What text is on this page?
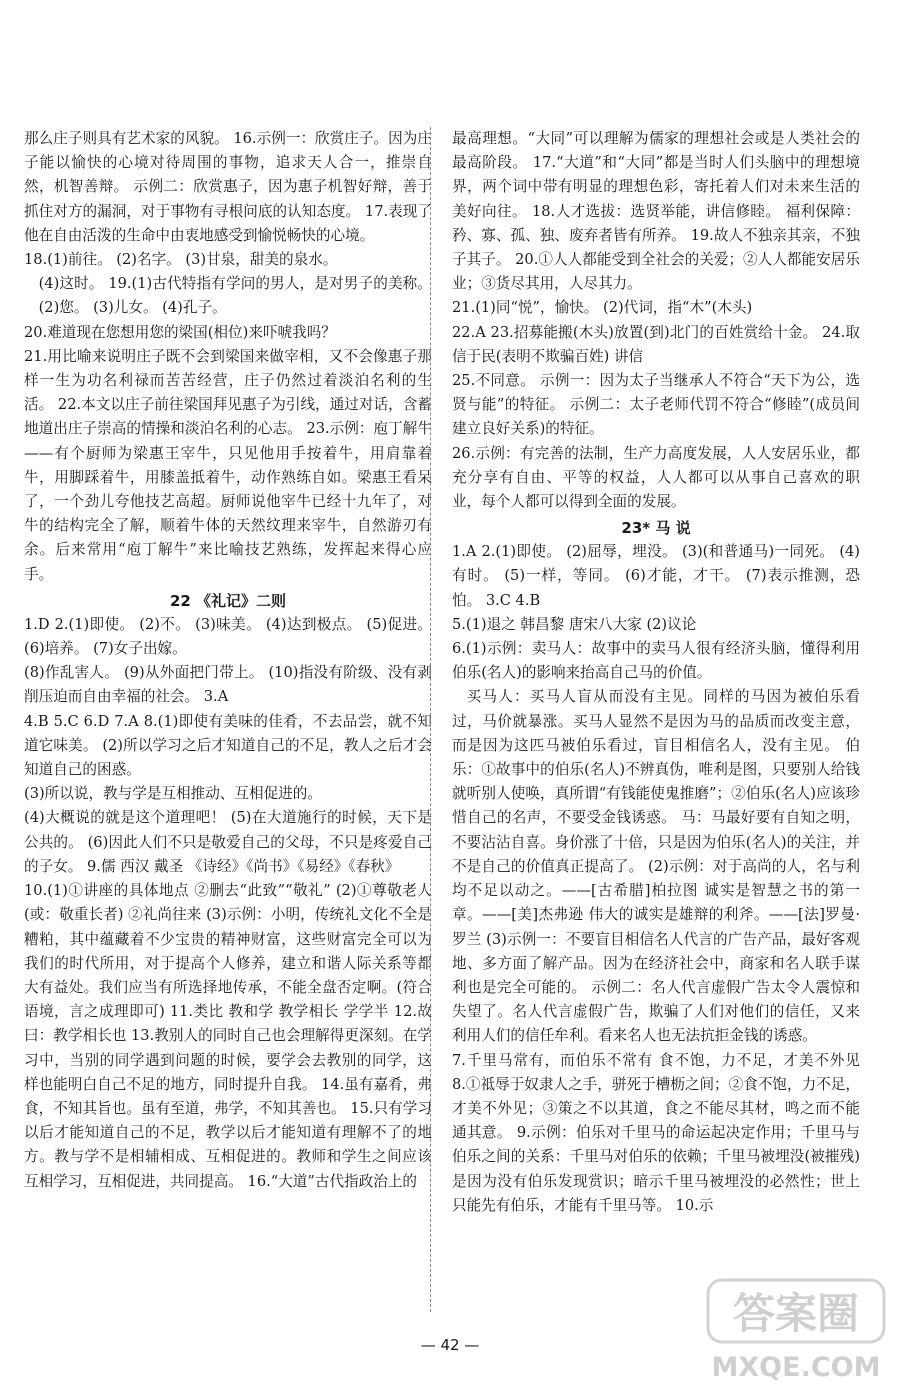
那么庄子则具有艺术家的风貌。 16.示例一：欣赏庄子。因为庄子能以愉快的心境对待周围的事物，追求天人合一，推崇自然，机智善辩。 示例二：欣赏惠子，因为惠子机智好辩，善于抓住对方的漏洞，对于事物有寻根问底的认知态度。 17.表现了他在自由活泼的生命中由衷地感受到愉悦畅快的心境。

18.(1)前往。 (2)名字。 (3)甘泉，甜美的泉水。

(4)这时。 19.(1)古代特指有学问的男人，是对男子的美称。 (2)您。 (3)儿女。 (4)孔子。

20.难道现在您想用您的梁国(相位)来吓唬我吗？

21.用比喻来说明庄子既不会到梁国来做宰相，又不会像惠子那样一生为功名利禄而苦苦经营，庄子仍然过着淡泊名利的生活。 22.本文以庄子前往梁国拜见惠子为引线，通过对话，含蓄地道出庄子崇高的情操和淡泊名利的心志。 23.示例：庖丁解牛——有个厨师为梁惠王宰牛，只见他用手按着牛，用肩靠着牛，用脚踩着牛，用膝盖抵着牛，动作熟练自如。梁惠王看呆了，一个劲儿夸他技艺高超。厨师说他宰牛已经十九年了，对牛的结构完全了解，顺着牛体的天然纹理来宰牛，自然游刃有余。后来常用“庖丁解牛”来比喻技艺熟练，发挥起来得心应手。

22 《礼记》二则

1.D 2.(1)即使。 (2)不。 (3)味美。 (4)达到极点。 (5)促进。 (6)培养。 (7)女子出嫁。

(8)作乱害人。 (9)从外面把门带上。 (10)指没有阶级、没有剥削压迫而自由幸福的社会。 3.A

4.B 5.C 6.D 7.A 8.(1)即使有美味的佳肴，不去品尝，就不知道它味美。 (2)所以学习之后才知道自己的不足，教人之后才会知道自己的困惑。

(3)所以说，教与学是互相推动、互相促进的。

(4)大概说的就是这个道理吧！ (5)在大道施行的时候，天下是公共的。 (6)因此人们不只是敬爱自己的父母，不只是疼爱自己的子女。 9.儒 西汉 戴圣 《诗经》《尚书》《易经》《春秋》

10.(1)①讲座的具体地点 ②删去“此致”“敬礼” (2)①尊敬老人(或：敬重长者) ②礼尚往来 (3)示例：小明，传统礼文化不全是糟粕，其中蕴藏着不少宝贵的精神财富，这些财富完全可以为我们的时代所用，对于提高个人修养，建立和谐人际关系等都大有益处。我们应当有所选择地传承，不能全盘否定啊。(符合语境，言之成理即可) 11.类比 教和学 教学相长 学学半 12.故曰：教学相长也 13.教别人的同时自己也会理解得更深刻。在学习中，当别的同学遇到问题的时候，要学会去教别的同学，这样也能明白自己不足的地方，同时提升自我。 14.虽有嘉肴，弗食，不知其旨也。虽有至道，弗学，不知其善也。 15.只有学习以后才能知道自己的不足，教学以后才能知道有理解不了的地方。教与学不是相辅相成、互相促进的。教师和学生之间应该互相学习，互相促进，共同提高。 16.“大道”古代指政治上的

最高理想。“大同”可以理解为儒家的理想社会或是人类社会的最高阶段。 17.“大道”和“大同”都是当时人们头脑中的理想境界，两个词中带有明显的理想色彩，寄托着人们对未来生活的美好向往。 18.人才选拔：选贤举能，讲信修睦。 福利保障：矜、寡、孤、独、废弃者皆有所养。 19.故人不独亲其亲，不独子其子。 20.①人人都能受到全社会的关爱；②人人都能安居乐业；③货尽其用，人尽其力。

21.(1)同“悦”，愉快。 (2)代词，指“木”(木头)

22.A 23.招募能搬(木头)放置(到)北门的百姓赏给十金。 24.取信于民(表明不欺骗百姓) 讲信

25.不同意。 示例一：因为太子当继承人不符合“天下为公，选贤与能”的特征。 示例二：太子老师代罚不符合“修睦”(成员间建立良好关系)的特征。

26.示例：有完善的法制，生产力高度发展，人人安居乐业，都充分享有自由、平等的权益，人人都可以从事自己喜欢的职业，每个人都可以得到全面的发展。

23* 马 说

1.A 2.(1)即使。 (2)屈辱，埋没。 (3)(和普通马)一同死。 (4)有时。 (5)一样，等同。 (6)才能，才干。 (7)表示推测，恐怕。 3.C 4.B

5.(1)退之 韩昌黎 唐宋八大家 (2)议论

6.(1)示例：卖马人：故事中的卖马人很有经济头脑，懂得利用伯乐(名人)的影响来抬高自己马的价值。

买马人：买马人盲从而没有主见。同样的马因为被伯乐看过，马价就暴涨。买马人显然不是因为马的品质而改变主意，而是因为这匹马被伯乐看过，盲目相信名人，没有主见。 伯乐：①故事中的伯乐(名人)不辨真伪，唯利是图，只要别人给钱就听别人使唤，真所谓“有钱能使鬼推磨”；②伯乐(名人)应该珍惜自己的名声，不要受金钱诱惑。 马：马最好要有自知之明，不要沾沾自喜。身价涨了十倍，只是因为伯乐(名人)的关注，并不是自己的价值真正提高了。 (2)示例：对于高尚的人，名与利均不足以动之。——[古希腊]柏拉图 诚实是智慧之书的第一章。——[美]杰弗逊 伟大的诚实是雄辩的利斧。——[法]罗曼·罗兰 (3)示例一：不要盲目相信名人代言的广告产品，最好客观地、多方面了解产品。因为在经济社会中，商家和名人联手谋利也是完全可能的。 示例二：名人代言虚假广告太令人震惊和失望了。名人代言虚假广告，欺骗了人们对他们的信任，又来利用人们的信任牟利。看来名人也无法抗拒金钱的诱惑。

7.千里马常有，而伯乐不常有 食不饱，力不足，才美不外见 8.①祗辱于奴隶人之手，骈死于槽枥之间；②食不饱，力不足，才美不外见；③策之不以其道，食之不能尽其材，鸣之而不能通其意。 9.示例：伯乐对千里马的命运起决定作用；千里马与伯乐之间的关系：千里马对伯乐的依赖；千里马被埋没(被摧残)是因为没有伯乐发现赏识；暗示千里马被埋没的必然性；世上只能先有伯乐，才能有千里马等。 10.示

— 42 —
答案圈
MXQE.COM
